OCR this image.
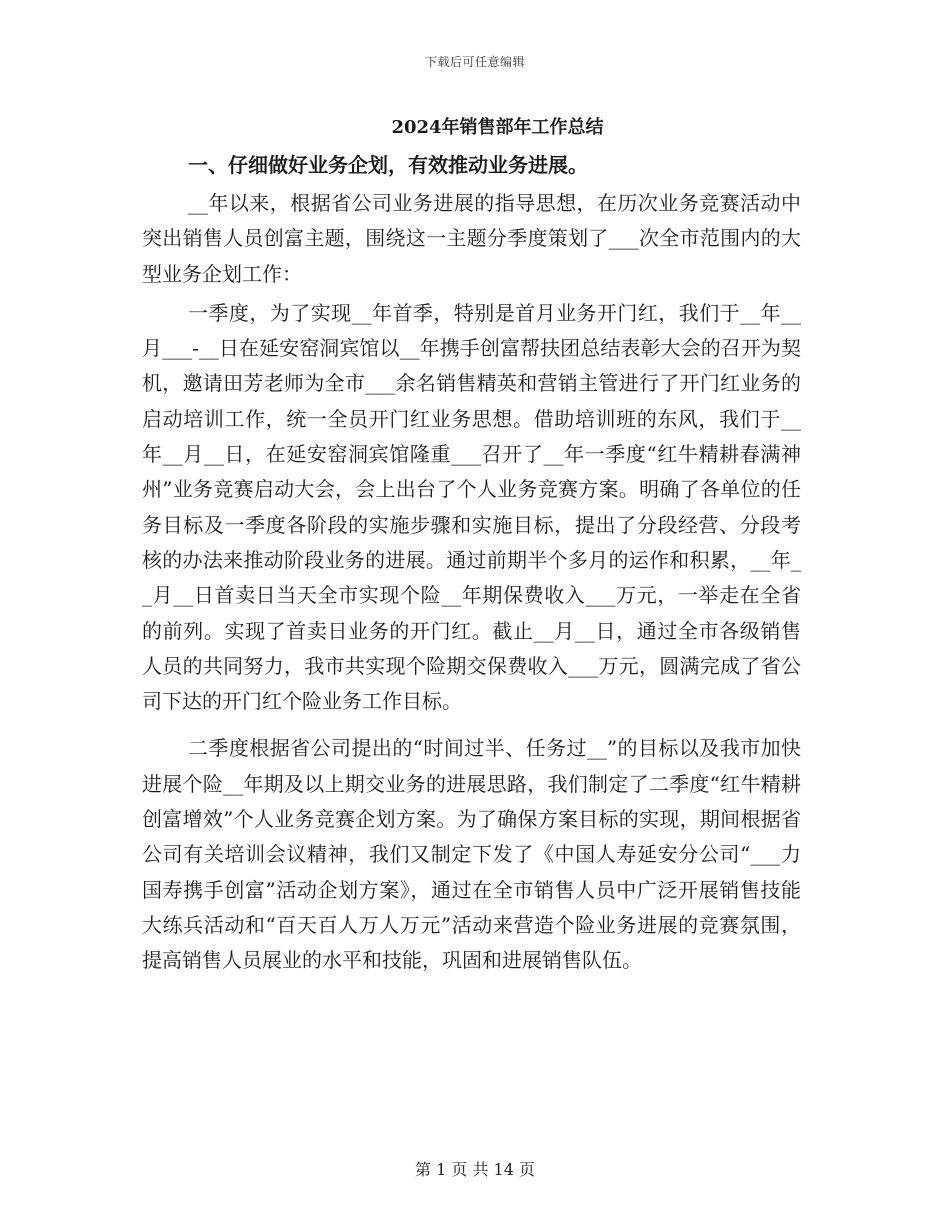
下载后可任意编辑
2024年销售部年工作总结
一、仔细做好业务企划，有效推动业务进展。

__年以来，根据省公司业务进展的指导思想，在历次业务竞赛活动中突出销售人员创富主题，围绕这一主题分季度策划了___次全市范围内的大型业务企划工作：

一季度，为了实现__年首季，特别是首月业务开门红，我们于__年__月___-__日在延安窑洞宾馆以__年携手创富帮扶团总结表彰大会的召开为契机，邀请田芳老师为全市___余名销售精英和营销主管进行了开门红业务的启动培训工作，统一全员开门红业务思想。借助培训班的东风，我们于__年__月__日，在延安窑洞宾馆隆重___召开了__年一季度“红牛精耕春满神州”业务竞赛启动大会，会上出台了个人业务竞赛方案。明确了各单位的任务目标及一季度各阶段的实施步骤和实施目标，提出了分段经营、分段考核的办法来推动阶段业务的进展。通过前期半个多月的运作和积累，__年__月__日首卖日当天全市实现个险__年期保费收入___万元，一举走在全省的前列。实现了首卖日业务的开门红。截止__月__日，通过全市各级销售人员的共同努力，我市共实现个险期交保费收入___万元，圆满完成了省公司下达的开门红个险业务工作目标。

二季度根据省公司提出的“时间过半、任务过__”的目标以及我市加快进展个险__年期及以上期交业务的进展思路，我们制定了二季度“红牛精耕创富增效”个人业务竞赛企划方案。为了确保方案目标的实现，期间根据省公司有关培训会议精神，我们又制定下发了《中国人寿延安分公司“___力国寿携手创富”活动企划方案》，通过在全市销售人员中广泛开展销售技能大练兵活动和“百天百人万人万元”活动来营造个险业务进展的竞赛氛围，提高销售人员展业的水平和技能，巩固和进展销售队伍。

第 1 页 共 14 页
